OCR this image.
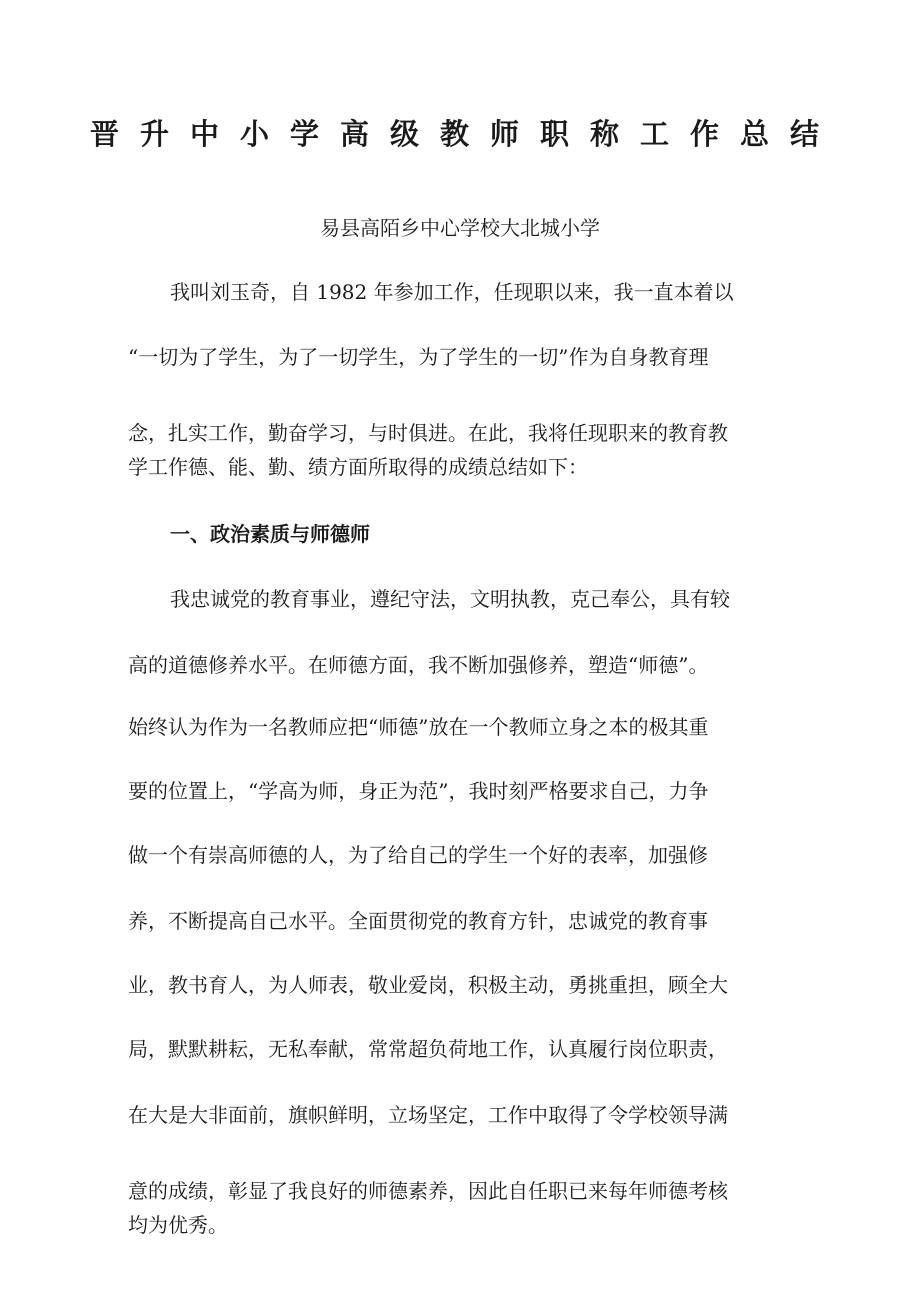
晋升中小学高级教师职称工作总结
易县高陌乡中心学校大北城小学
我叫刘玉奇，自 1982 年参加工作，任现职以来，我一直本着以
“一切为了学生，为了一切学生，为了学生的一切”作为自身教育理
念，扎实工作，勤奋学习，与时俱进。在此，我将任现职来的教育教
学工作德、能、勤、绩方面所取得的成绩总结如下：
一、政治素质与师德师
我忠诚党的教育事业，遵纪守法，文明执教，克己奉公，具有较
高的道德修养水平。在师德方面，我不断加强修养，塑造“师德”。
始终认为作为一名教师应把“师德”放在一个教师立身之本的极其重
要的位置上，“学高为师，身正为范”，我时刻严格要求自己，力争
做一个有崇高师德的人，为了给自己的学生一个好的表率，加强修
养，不断提高自己水平。全面贯彻党的教育方针，忠诚党的教育事
业，教书育人，为人师表，敬业爱岗，积极主动，勇挑重担，顾全大
局，默默耕耘，无私奉献，常常超负荷地工作，认真履行岗位职责，
在大是大非面前，旗帜鲜明，立场坚定，工作中取得了令学校领导满
意的成绩，彰显了我良好的师德素养，因此自任职已来每年师德考核
均为优秀。
